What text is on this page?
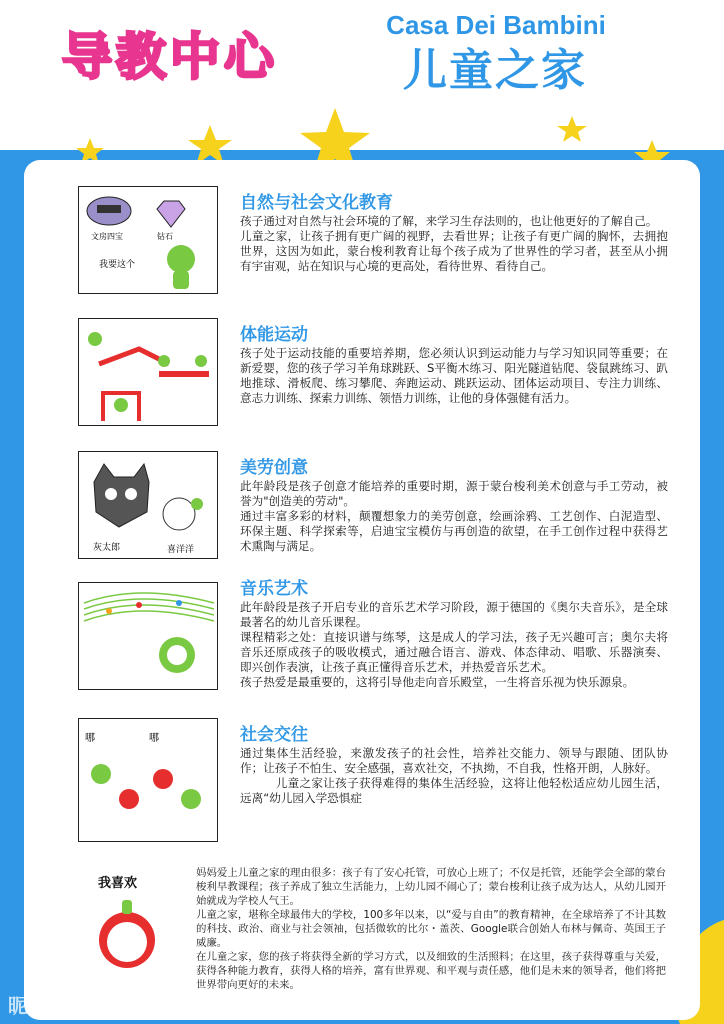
导教中心
Casa Dei Bambini
儿童之家
文房四宝	钻石
我要这个
自然与社会文化教育

孩子通过对自然与社会环境的了解，来学习生存法则的，也让他更好的了解自己。

儿童之家，让孩子拥有更广阔的视野，去看世界；让孩子有更广阔的胸怀，去拥抱世界，这因为如此，蒙台梭利教育让每个孩子成为了世界性的学习者，甚至从小拥有宇宙观，站在知识与心境的更高处，看待世界、看待自己。

体能运动

孩子处于运动技能的重要培养期，您必须认识到运动能力与学习知识同等重要；在新爱婴，您的孩子学习羊角球跳跃、S平衡木练习、阳光隧道钻爬、袋鼠跳练习、趴地推球、滑板爬、练习攀爬、奔跑运动、跳跃运动、团体运动项目、专注力训练、意志力训练、探索力训练、领悟力训练，让他的身体强健有活力。

灰太郎	喜洋洋
美劳创意

此年龄段是孩子创意才能培养的重要时期，源于蒙台梭利美术创意与手工劳动，被誉为"创造美的劳动"。

通过丰富多彩的材料，颠覆想象力的美劳创意，绘画涂鸦、工艺创作、白泥造型、环保主题、科学探索等，启迪宝宝模仿与再创造的欲望，在手工创作过程中获得艺术熏陶与满足。

音乐艺术

此年龄段是孩子开启专业的音乐艺术学习阶段，源于德国的《奥尔夫音乐》，是全球最著名的幼儿音乐课程。

课程精彩之处：直接识谱与练琴，这是成人的学习法，孩子无兴趣可言；奥尔夫将音乐还原成孩子的吸收模式，通过融合语言、游戏、体态律动、唱歌、乐器演奏、即兴创作表演，让孩子真正懂得音乐艺术，并热爱音乐艺术。

孩子热爱是最重要的，这将引导他走向音乐殿堂，一生将音乐视为快乐源泉。

哪	哪	社会交往

通过集体生活经验，来激发孩子的社会性，培养社交能力、领导与跟随、团队协作；让孩子不怕生、安全感强，喜欢社交，不执拗，不自我，性格开朗，人脉好。

　　　儿童之家让孩子获得难得的集体生活经验，这将让他轻松适应幼儿园生活，远离“幼儿园入学恐惧症

我喜欢

妈妈爱上儿童之家的理由很多：孩子有了安心托管，可放心上班了；不仅是托管，还能学会全部的蒙台梭利早教课程；孩子养成了独立生活能力，上幼儿园不闹心了；蒙台梭利让孩子成为达人，从幼儿园开始就成为学校人气王。

儿童之家，堪称全球最伟大的学校，100多年以来，以“爱与自由”的教育精神，在全球培养了不计其数的科技、政治、商业与社会领袖，包括微软的比尔・盖茨、Google联合创始人布林与佩奇、英国王子威廉。

在儿童之家，您的孩子将获得全新的学习方式，以及细致的生活照料；在这里，孩子获得尊重与关爱，获得各种能力教育，获得人格的培养，富有世界观、和平观与责任感，他们是未来的领导者，他们将把世界带向更好的未来。

昵享网	www.nipic.com	ID:30873902 NO:20220930130112312102
